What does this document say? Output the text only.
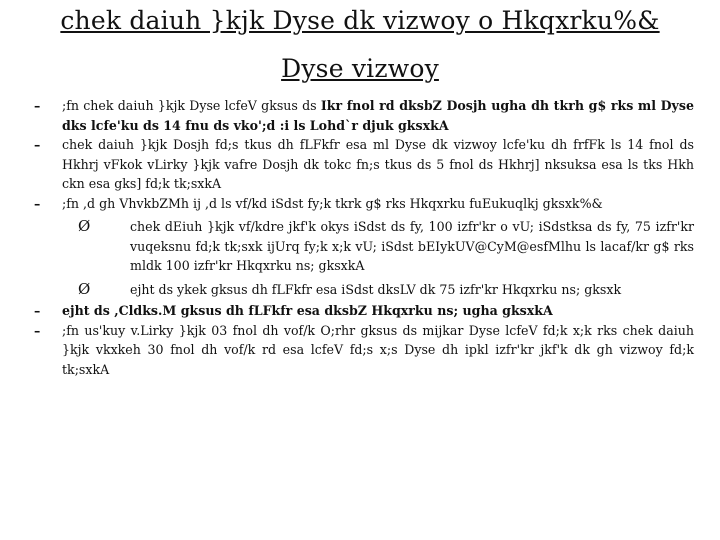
chek daiuh }kjk Dyse dk vizwoy o Hkqxrku%&
Dyse vizwoy

– ;fn chek daiuh }kjk Dyse lcfeV gksus ds Ikr fnol rd dksbZ Dosjh ugha dh tkrh g$ rks ml Dyse dks lcfe'ku ds 14 fnu ds vko';d :i ls Lohd`r djuk gksxkA

– chek daiuh }kjk Dosjh fd;s tkus dh fLFkfr esa ml Dyse dk vizwoy lcfe'ku dh frfFk ls 14 fnol ds Hkhrj vFkok vLirky }kjk vafre Dosjh dk tokc fn;s tkus ds 5 fnol ds Hkhrj] nksuksa esa ls tks Hkh ckn esa gks] fd;k tk;sxkA

– ;fn ,d gh VhvkbZMh ij ,d ls vf/kd iSdst fy;k tkrk g$ rks Hkqxrku fuEukuqlkj gksxk%&

Ø	chek dEiuh }kjk vf/kdre jkf'k okys iSdst ds fy, 100 izfr'kr o vU; iSdstksa ds fy, 75 izfr'kr vuqeksnu fd;k tk;sxk ijUrq fy;k x;k vU; iSdst bEIykUV@CyM@esfMlhu ls lacaf/kr g$ rks mldk 100 izfr'kr Hkqxrku ns; gksxkA

Ø	ejht ds ykek gksus dh fLFkfr esa iSdst dksLV dk 75 izfr'kr Hkqxrku ns; gksxk

– ejht ds ,Cldks.M gksus dh fLFkfr esa dksbZ Hkqxrku ns; ugha gksxkA

– ;fn us'kuy v.Lirky }kjk 03 fnol dh vof/k O;rhr gksus ds mijkar Dyse lcfeV fd;k x;k rks chek daiuh }kjk vkxkeh 30 fnol dh vof/k rd esa lcfeV fd;s x;s Dyse dh ipkl izfr'kr jkf'k dk gh vizwoy fd;k tk;sxkA
